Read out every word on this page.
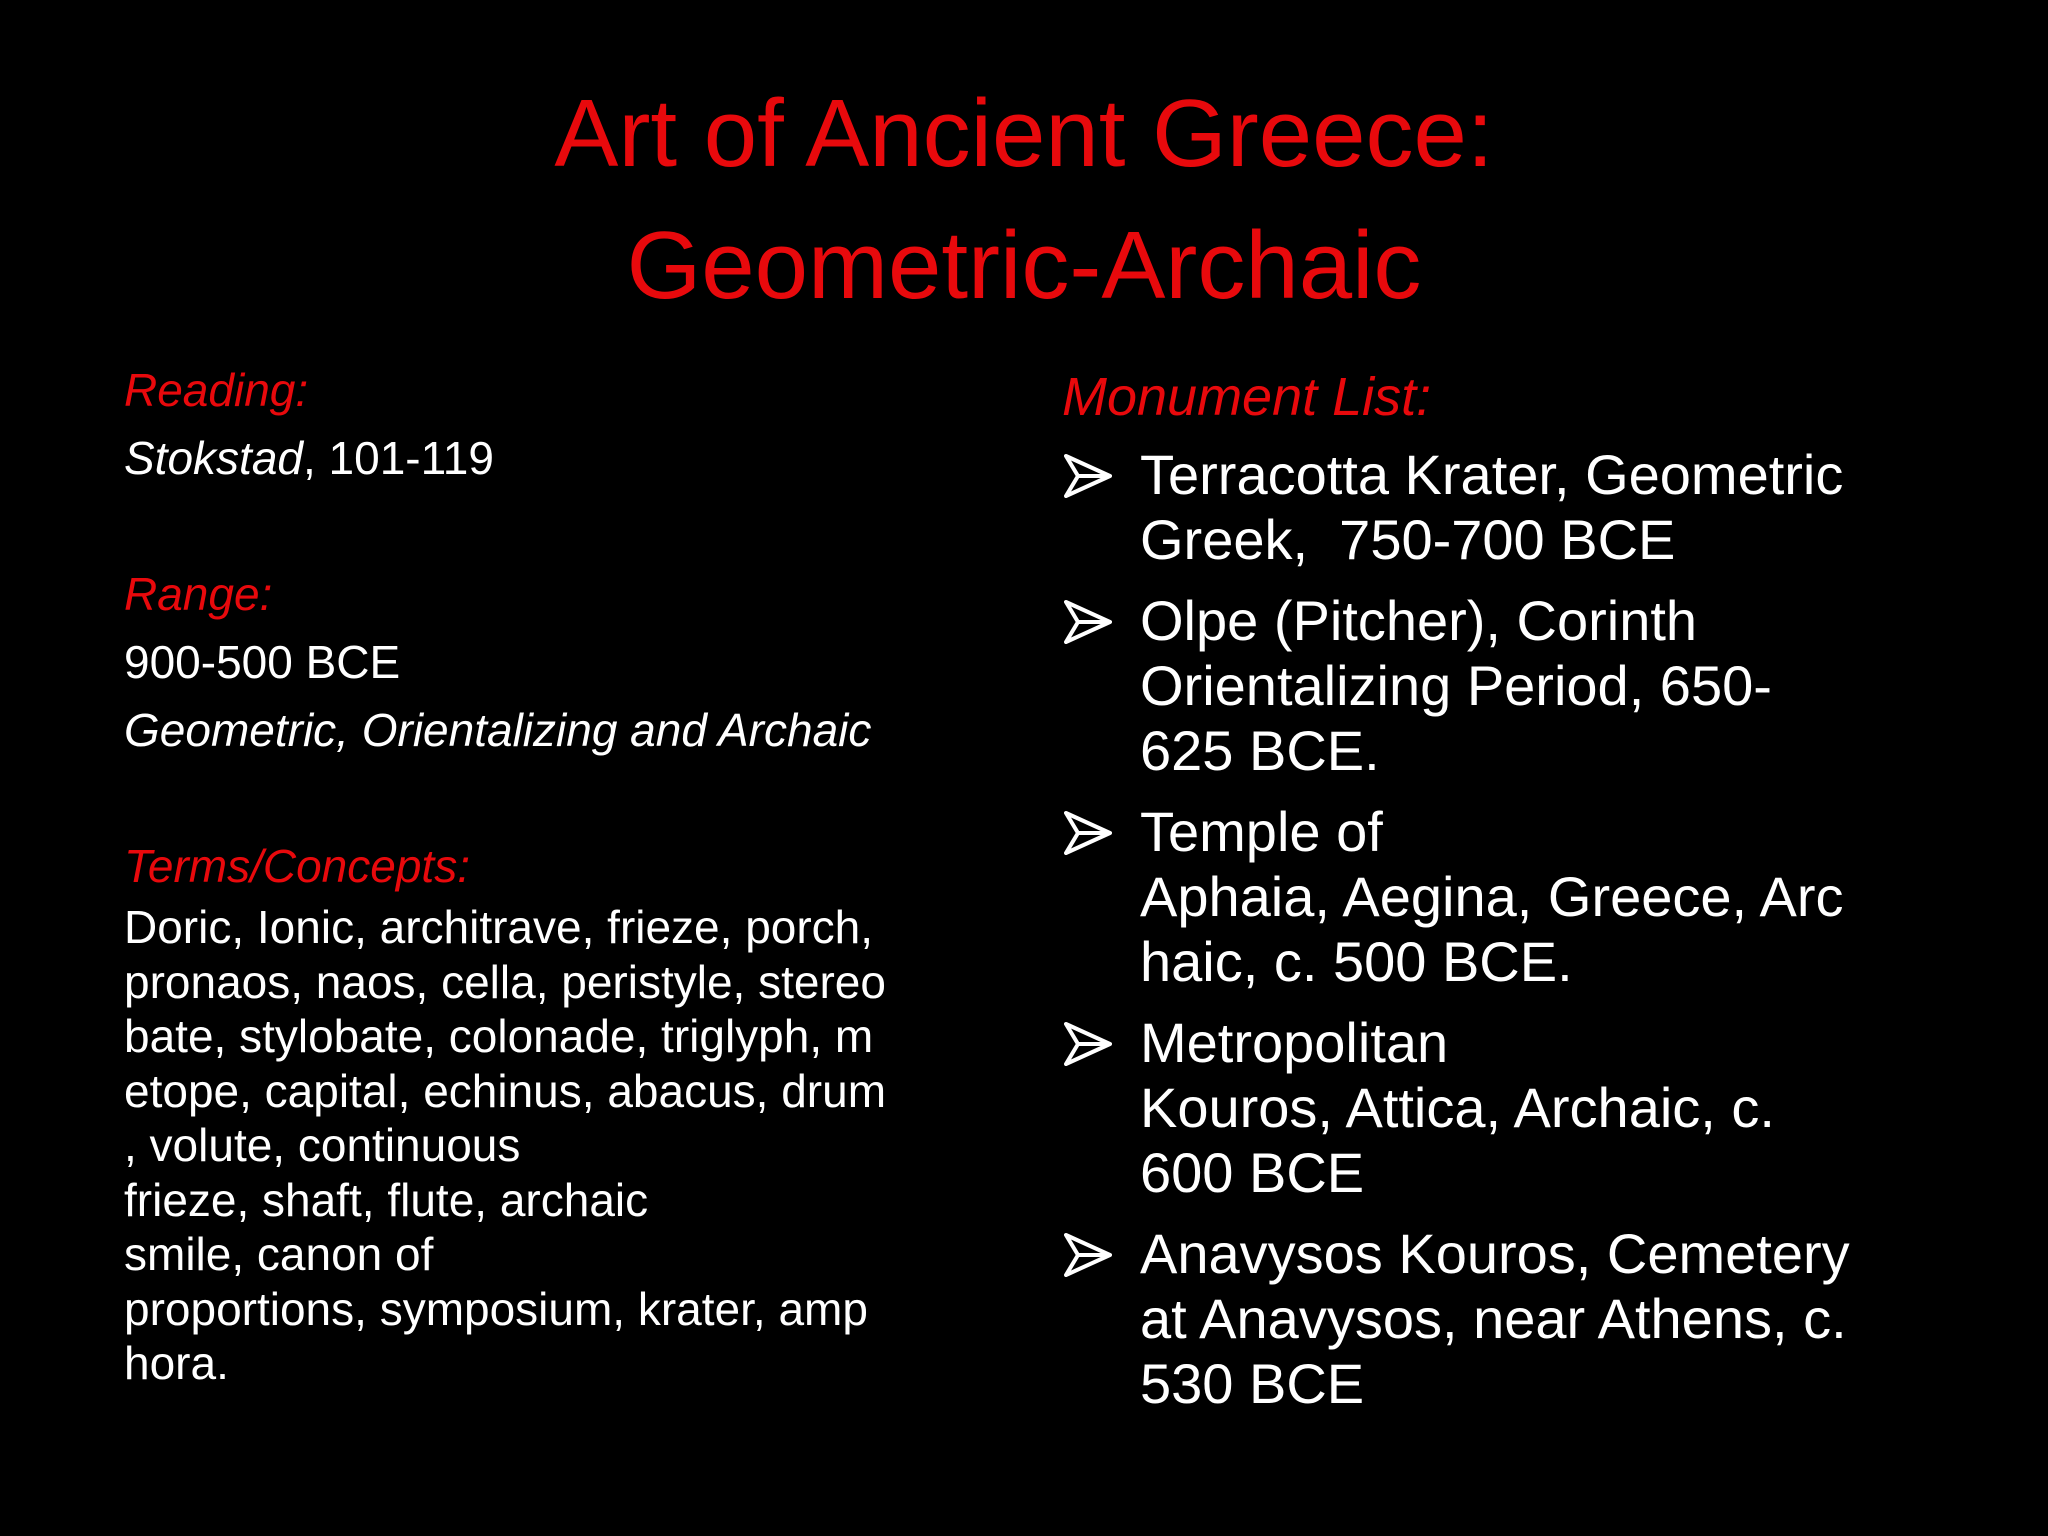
Art of Ancient Greece:
Geometric-Archaic
Reading:
Stokstad, 101-119
Range:
900-500 BCE
Geometric, Orientalizing and Archaic
Terms/Concepts:
Doric, Ionic, architrave, frieze, porch,
pronaos, naos, cella, peristyle, stereo
bate, stylobate, colonade, triglyph, m
etope, capital, echinus, abacus, drum
, volute, continuous
frieze, shaft, flute, archaic
smile, canon of
proportions, symposium, krater, amp
hora.
Monument List:
Terracotta Krater, Geometric
Greek,  750-700 BCE
Olpe (Pitcher), Corinth
Orientalizing Period, 650-
625 BCE.
Temple of
Aphaia, Aegina, Greece, Arc
haic, c. 500 BCE.
Metropolitan
Kouros, Attica, Archaic, c.
600 BCE
Anavysos Kouros, Cemetery
at Anavysos, near Athens, c.
530 BCE
